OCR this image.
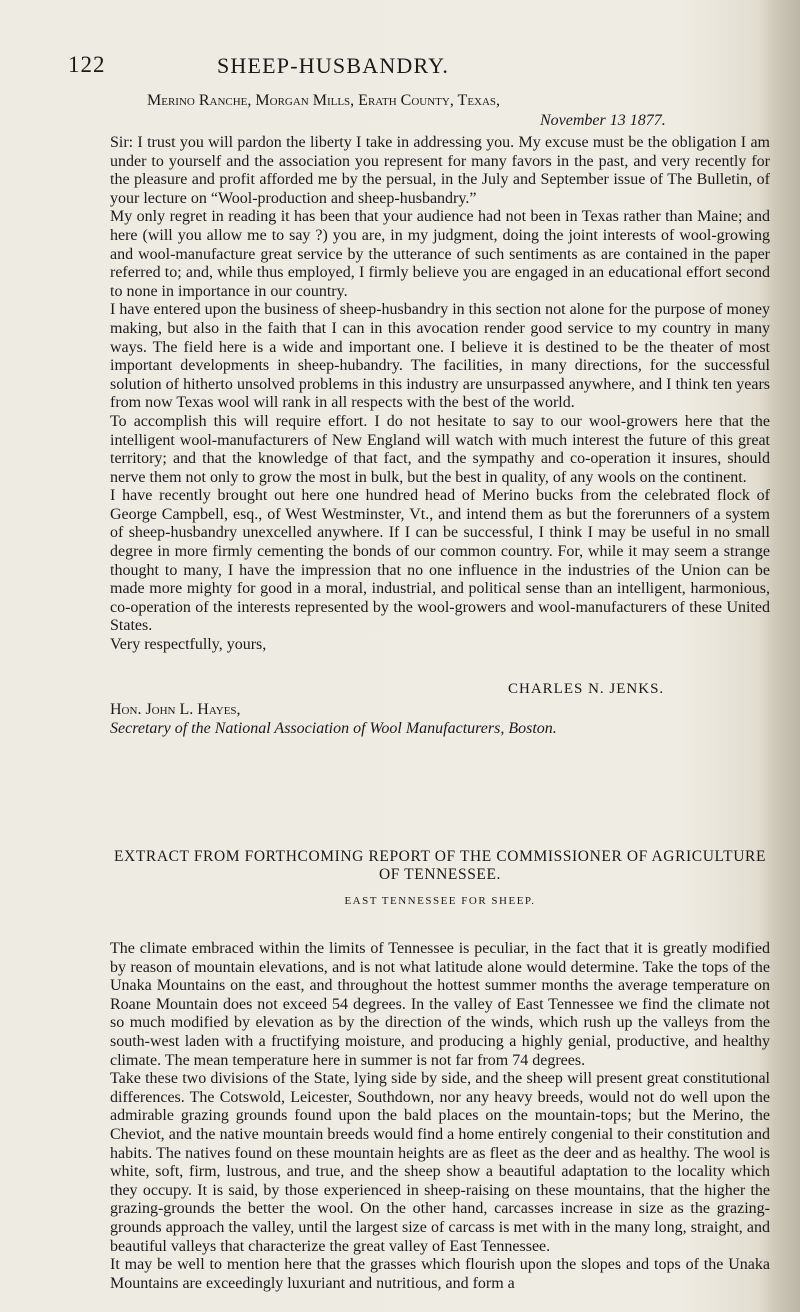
122	SHEEP-HUSBANDRY.
Merino Ranche, Morgan Mills, Erath County, Texas,
November 13 1877.

Sir: I trust you will pardon the liberty I take in addressing you. My excuse must be the obligation I am under to yourself and the association you represent for many favors in the past, and very recently for the pleasure and profit afforded me by the persual, in the July and September issue of The Bulletin, of your lecture on “Wool-production and sheep-husbandry.”

My only regret in reading it has been that your audience had not been in Texas rather than Maine; and here (will you allow me to say ?) you are, in my judgment, doing the joint interests of wool-growing and wool-manufacture great service by the utterance of such sentiments as are contained in the paper referred to; and, while thus employed, I firmly believe you are engaged in an educational effort second to none in importance in our country.

I have entered upon the business of sheep-husbandry in this section not alone for the purpose of money making, but also in the faith that I can in this avocation render good service to my country in many ways. The field here is a wide and important one. I believe it is destined to be the theater of most important developments in sheep-hubandry. The facilities, in many directions, for the successful solution of hitherto unsolved problems in this industry are unsurpassed anywhere, and I think ten years from now Texas wool will rank in all respects with the best of the world.

To accomplish this will require effort. I do not hesitate to say to our wool-growers here that the intelligent wool-manufacturers of New England will watch with much interest the future of this great territory; and that the knowledge of that fact, and the sympathy and co-operation it insures, should nerve them not only to grow the most in bulk, but the best in quality, of any wools on the continent.

I have recently brought out here one hundred head of Merino bucks from the celebrated flock of George Campbell, esq., of West Westminster, Vt., and intend them as but the forerunners of a system of sheep-husbandry unexcelled anywhere. If I can be successful, I think I may be useful in no small degree in more firmly cementing the bonds of our common country. For, while it may seem a strange thought to many, I have the impression that no one influence in the industries of the Union can be made more mighty for good in a moral, industrial, and political sense than an intelligent, harmonious, co-operation of the interests represented by the wool-growers and wool-manufacturers of these United States.

Very respectfully, yours,

CHARLES N. JENKS.
Hon. John L. Hayes,
Secretary of the National Association of Wool Manufacturers, Boston.
EXTRACT FROM FORTHCOMING REPORT OF THE COMMISSIONER OF AGRICULTURE OF TENNESSEE.
EAST TENNESSEE FOR SHEEP.

The climate embraced within the limits of Tennessee is peculiar, in the fact that it is greatly modified by reason of mountain elevations, and is not what latitude alone would determine. Take the tops of the Unaka Mountains on the east, and throughout the hottest summer months the average temperature on Roane Mountain does not exceed 54 degrees. In the valley of East Tennessee we find the climate not so much modified by elevation as by the direction of the winds, which rush up the valleys from the south-west laden with a fructifying moisture, and producing a highly genial, productive, and healthy climate. The mean temperature here in summer is not far from 74 degrees.

Take these two divisions of the State, lying side by side, and the sheep will present great constitutional differences. The Cotswold, Leicester, Southdown, nor any heavy breeds, would not do well upon the admirable grazing grounds found upon the bald places on the mountain-tops; but the Merino, the Cheviot, and the native mountain breeds would find a home entirely congenial to their constitution and habits. The natives found on these mountain heights are as fleet as the deer and as healthy. The wool is white, soft, firm, lustrous, and true, and the sheep show a beautiful adaptation to the locality which they occupy. It is said, by those experienced in sheep-raising on these mountains, that the higher the grazing-grounds the better the wool. On the other hand, carcasses increase in size as the grazing-grounds approach the valley, until the largest size of carcass is met with in the many long, straight, and beautiful valleys that characterize the great valley of East Tennessee.

It may be well to mention here that the grasses which flourish upon the slopes and tops of the Unaka Mountains are exceedingly luxuriant and nutritious, and form a
